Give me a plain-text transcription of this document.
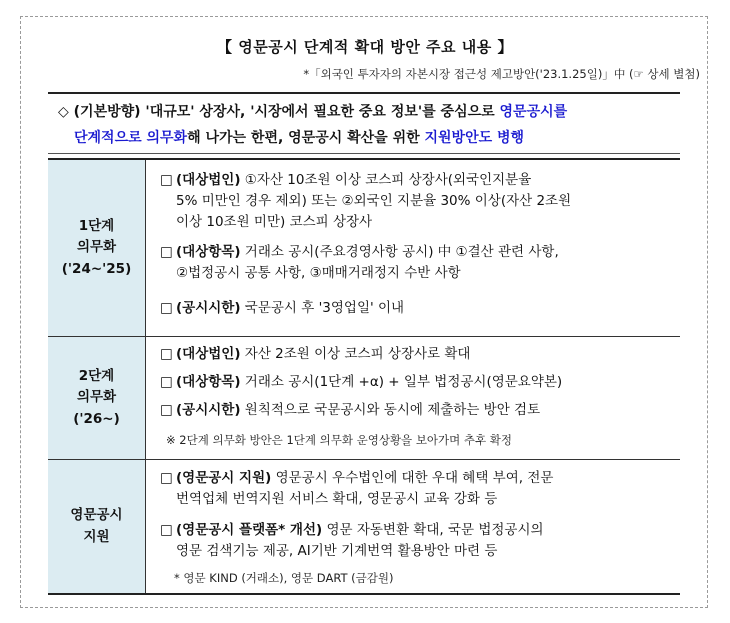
【 영문공시 단계적 확대 방안 주요 내용 】
*「외국인 투자자의 자본시장 접근성 제고방안('23.1.25일)」中 (☞ 상세 별첨)
◇ (기본방향) '대규모' 상장사, '시장에서 필요한 중요 정보'를 중심으로 영문공시를
단계적으로 의무화해 나가는 한편, 영문공시 확산을 위한 지원방안도 병행
1단계
의무화
('24~'25)
□ (대상법인) ①자산 10조원 이상 코스피 상장사(외국인지분율
5% 미만인 경우 제외) 또는 ②외국인 지분율 30% 이상(자산 2조원
이상 10조원 미만) 코스피 상장사
□ (대상항목) 거래소 공시(주요경영사항 공시) 中 ①결산 관련 사항,
②법정공시 공통 사항, ③매매거래정지 수반 사항
□ (공시시한) 국문공시 후 '3영업일' 이내
2단계
의무화
('26~)
□ (대상법인) 자산 2조원 이상 코스피 상장사로 확대
□ (대상항목) 거래소 공시(1단계 +α) + 일부 법정공시(영문요약본)
□ (공시시한) 원칙적으로 국문공시와 동시에 제출하는 방안 검토
※ 2단계 의무화 방안은 1단계 의무화 운영상황을 보아가며 추후 확정
영문공시
지원
□ (영문공시 지원) 영문공시 우수법인에 대한 우대 혜택 부여, 전문
번역업체 번역지원 서비스 확대, 영문공시 교육 강화 등
□ (영문공시 플랫폼* 개선) 영문 자동변환 확대, 국문 법정공시의
영문 검색기능 제공, AI기반 기계번역 활용방안 마련 등
* 영문 KIND (거래소), 영문 DART (금감원)
